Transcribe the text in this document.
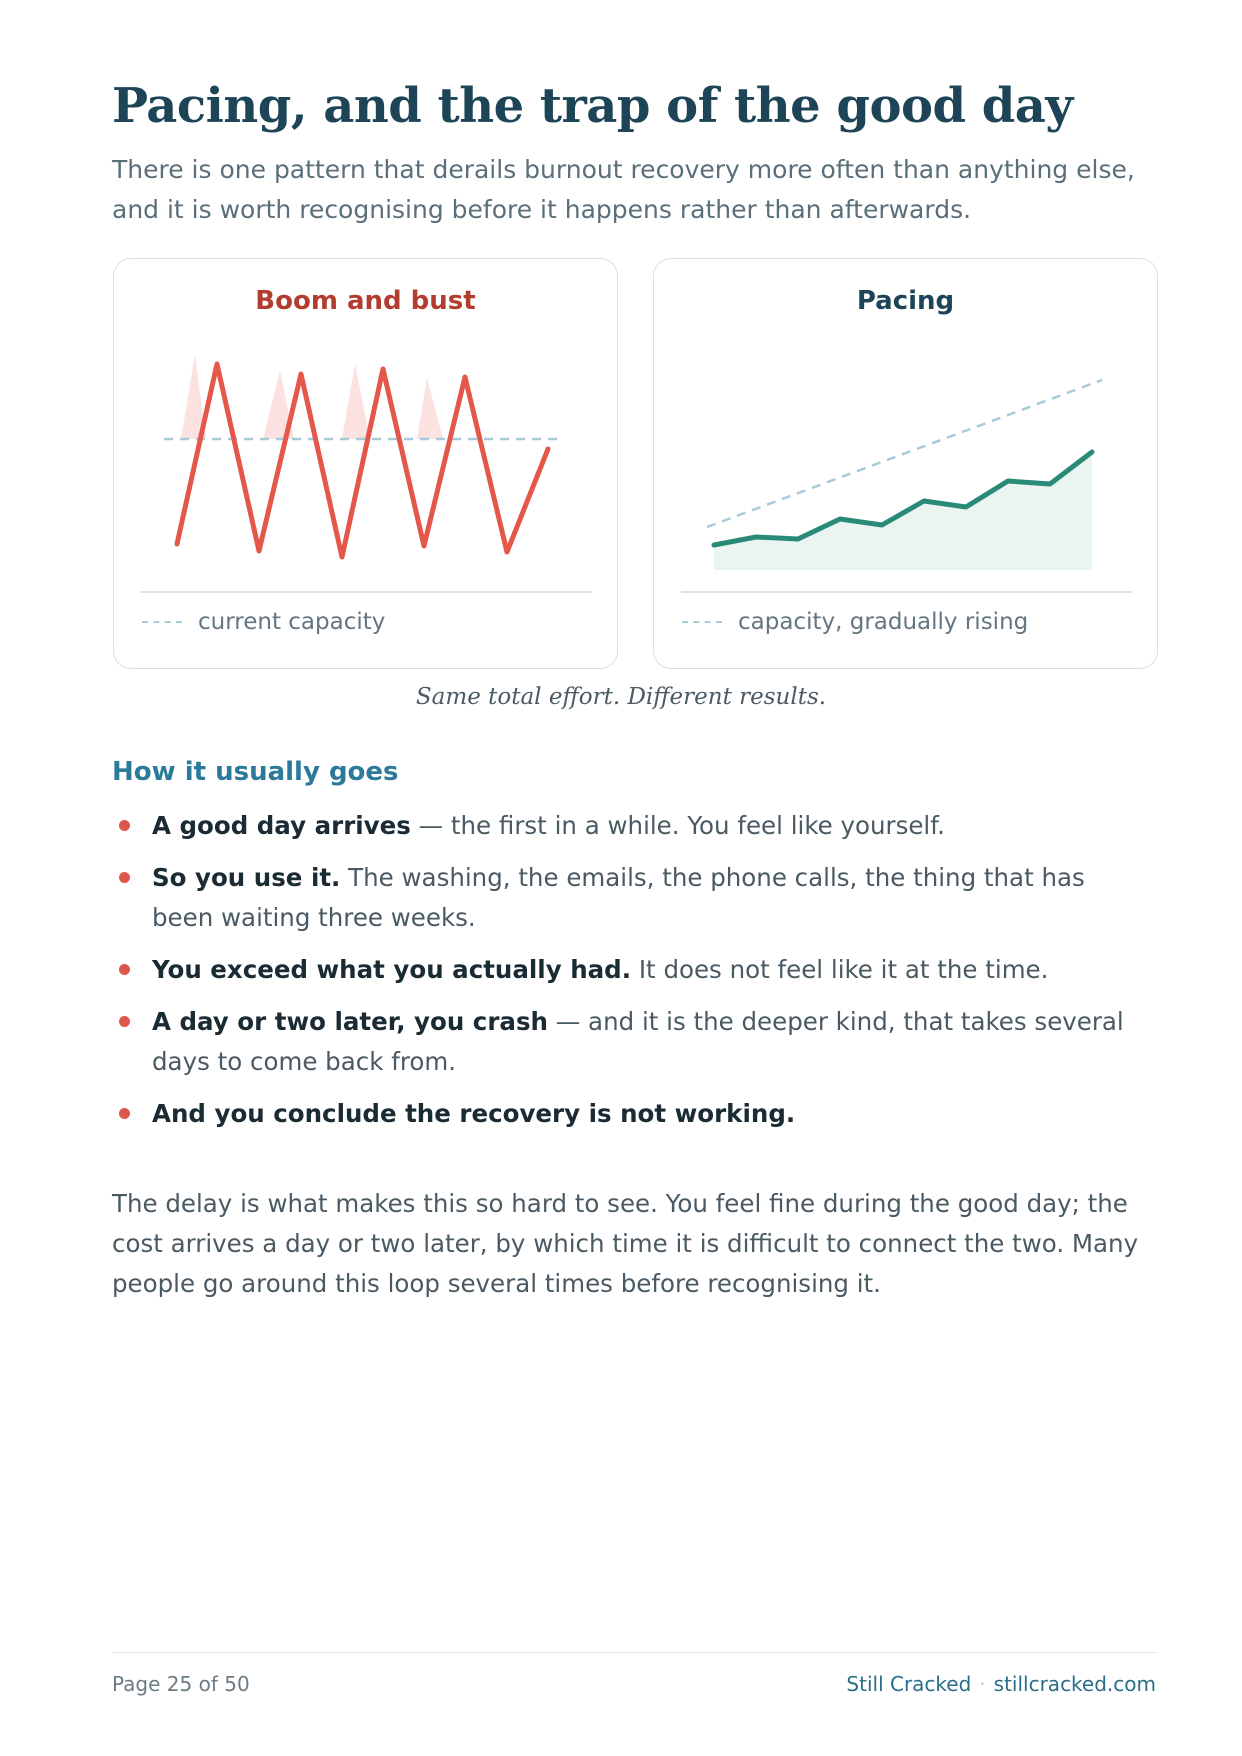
Pacing, and the trap of the good day

There is one pattern that derails burnout recovery more often than anything else, and it is worth recognising before it happens rather than afterwards.

Boom and bust
current capacity
Pacing
capacity, gradually rising
Same total effort. Different results.
How it usually goes
A good day arrives — the first in a while. You feel like yourself.
So you use it. The washing, the emails, the phone calls, the thing that has been waiting three weeks.
You exceed what you actually had. It does not feel like it at the time.
A day or two later, you crash — and it is the deeper kind, that takes several days to come back from.
And you conclude the recovery is not working.

The delay is what makes this so hard to see. You feel fine during the good day; the cost arrives a day or two later, by which time it is difficult to connect the two. Many people go around this loop several times before recognising it.

Page 25 of 50	Still Cracked · stillcracked.com
